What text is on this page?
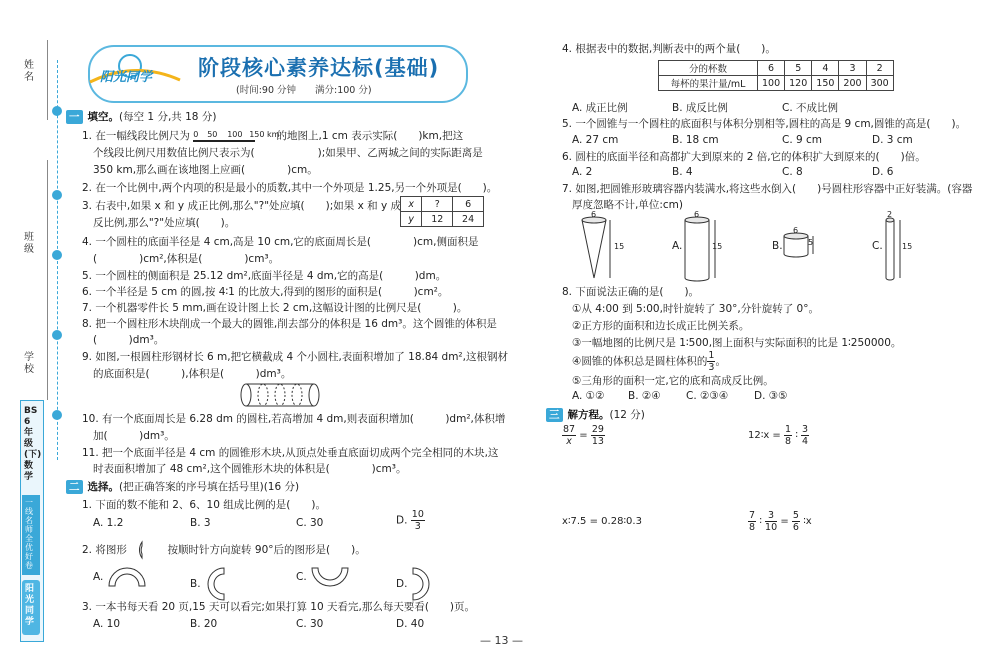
姓名
班级
学校
BS 6年级(下) 数学
一线名师 全优好卷
阳光同学
阳光同学 阶段核心素养达标(基础)
(时间:90 分钟　　满分:100 分)
一 填空。(每空 1 分,共 18 分)
1. 在一幅线段比例尺为 0 50 100 150 km
的地图上,1 cm 表示实际(　　)km,把这
个线段比例尺用数值比例尺表示为(　　　　　　);如果甲、乙两城之间的实际距离是
350 km,那么画在该地图上应画(　　　　)cm。
2. 在一个比例中,两个内项的积是最小的质数,其中一个外项是 1.25,另一个外项是(　　)。
3. 右表中,如果 x 和 y 成正比例,那么"?"处应填(　　);如果 x 和 y 成
反比例,那么"?"处应填(　　)。
x	?	6
y	12	24
4. 一个圆柱的底面半径是 4 cm,高是 10 cm,它的底面周长是(　　　　)cm,侧面积是
(　　　　)cm²,体积是(　　　　)cm³。
5. 一个圆柱的侧面积是 25.12 dm²,底面半径是 4 dm,它的高是(　　　)dm。
6. 一个半径是 5 cm 的圆,按 4∶1 的比放大,得到的图形的面积是(　　　)cm²。
7. 一个机器零件长 5 mm,画在设计图上长 2 cm,这幅设计图的比例尺是(　　　)。
8. 把一个圆柱形木块削成一个最大的圆锥,削去部分的体积是 16 dm³。这个圆锥的体积是
(　　　)dm³。
9. 如图,一根圆柱形钢材长 6 m,把它横截成 4 个小圆柱,表面积增加了 18.84 dm²,这根钢材
的底面积是(　　　),体积是(　　　)dm³。
10. 有一个底面周长是 6.28 dm 的圆柱,若高增加 4 dm,则表面积增加(　　　)dm²,体积增
加(　　　)dm³。
11. 把一个底面半径是 4 cm 的圆锥形木块,从顶点处垂直底面切成两个完全相同的木块,这
时表面积增加了 48 cm²,这个圆锥形木块的体积是(　　　　)cm³。
二 选择。(把正确答案的序号填在括号里)(16 分)
1. 下面的数不能和 2、6、10 组成比例的是(　　)。
A. 1.2	B. 3	C. 30	D. $\frac{10}{3}$
2. 将图形	按顺时针方向旋转 90°后的图形是(　　)。
A.
B.
C.
D.
3. 一本书每天看 20 页,15 天可以看完;如果打算 10 天看完,那么每天要看(　　)页。
A. 10	B. 20	C. 30	D. 40
4. 根据表中的数据,判断表中的两个量(　　)。
分的杯数	6	5	4	3	2
每杯的果汁量/mL	100	120	150	200	300
A. 成正比例	B. 成反比例	C. 不成比例
5. 一个圆锥与一个圆柱的底面积与体积分别相等,圆柱的高是 9 cm,圆锥的高是(　　)。
A. 27 cm	B. 18 cm	C. 9 cm	D. 3 cm
6. 圆柱的底面半径和高都扩大到原来的 2 倍,它的体积扩大到原来的(　　)倍。
A. 2	B. 4	C. 8	D. 6
7. 如图,把圆锥形玻璃容器内装满水,将这些水倒入(　　)号圆柱形容器中正好装满。(容器
厚度忽略不计,单位:cm)
6
15	A.
6
15	B.
6
5	C.
2
15
8. 下面说法正确的是(　　)。
①从 4:00 到 5:00,时针旋转了 30°,分针旋转了 0°。
②正方形的面积和边长成正比例关系。
③一幅地图的比例尺是 1∶500,图上面积与实际面积的比是 1∶250000。
④圆锥的体积总是圆柱体积的 $\frac{1}{3}$ 。
⑤三角形的面积一定,它的底和高成反比例。
A. ①② B. ②④ C. ②③④ D. ③⑤
三 解方程。(12 分)
$\frac{87}{x} = \frac{29}{13}$	12∶x = $\frac{1}{8}$ ∶ $\frac{3}{4}$
x∶7.5 = 0.28∶0.3	$\frac{7}{8}$ ∶ $\frac{3}{10} = \frac{5}{6}$ ∶x
— 13 —
